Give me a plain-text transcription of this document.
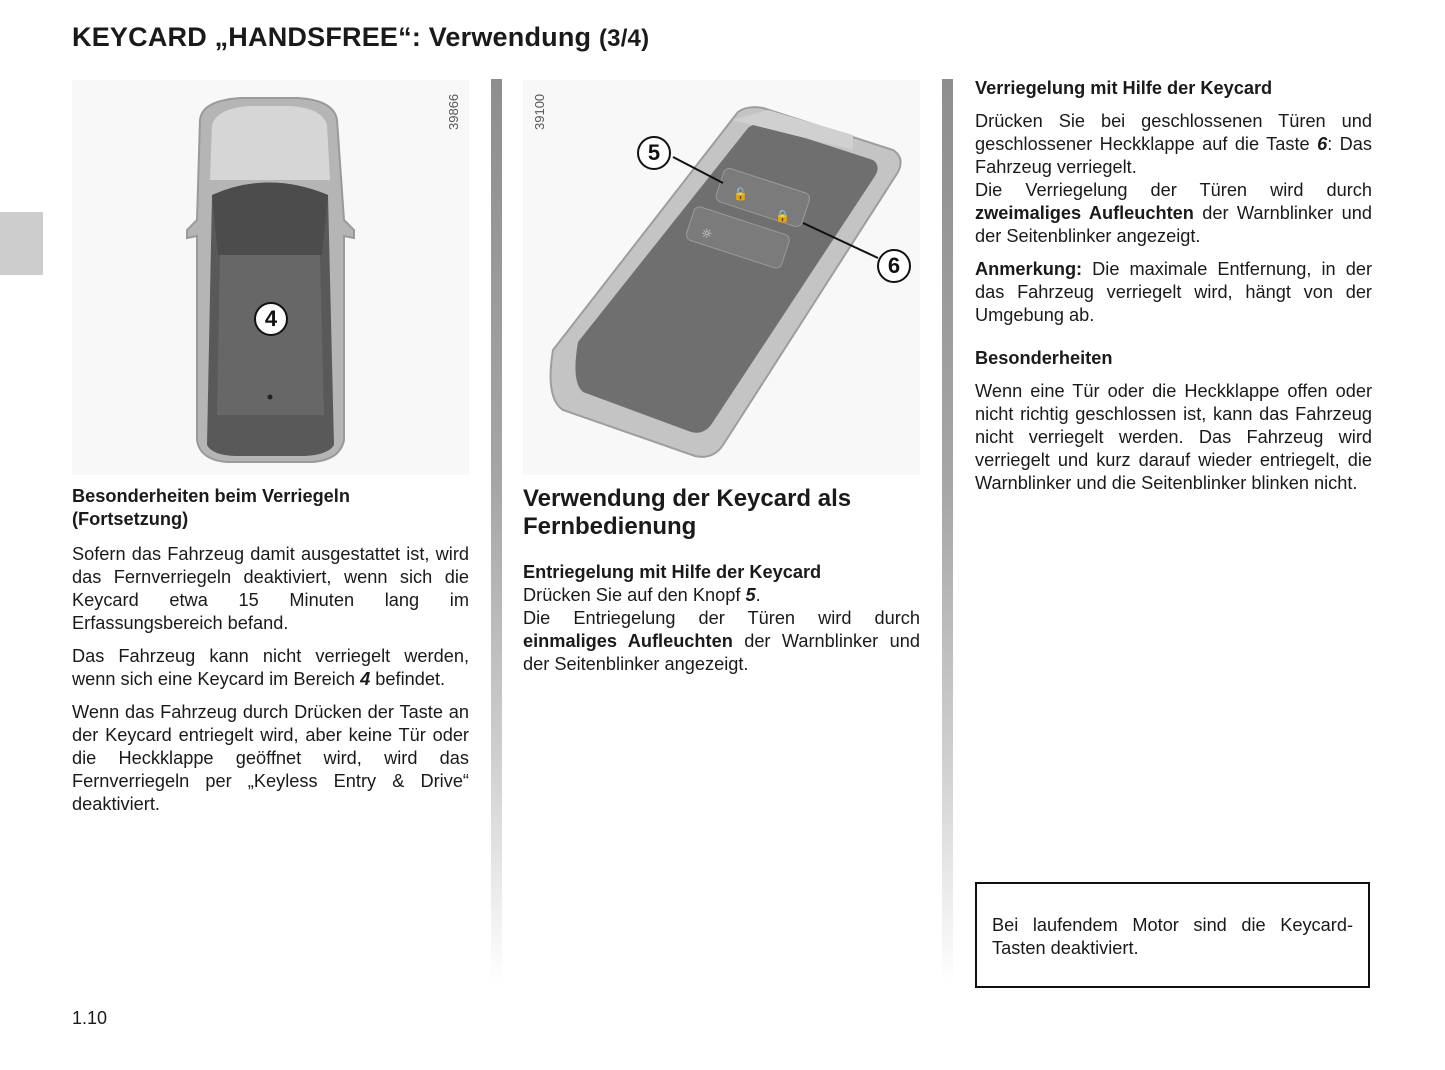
KEYCARD „HANDSFREE“: Verwendung (3/4)
4
39866
🔓
🔒
☼
5
6
39100
Besonderheiten beim Verriegeln (Fortsetzung)

Sofern das Fahrzeug damit ausgestattet ist, wird das Fernverriegeln deaktiviert, wenn sich die Keycard etwa 15 Minuten lang im Erfassungsbereich befand.

Das Fahrzeug kann nicht verriegelt werden, wenn sich eine Keycard im Bereich 4 befindet.

Wenn das Fahrzeug durch Drücken der Taste an der Keycard entriegelt wird, aber keine Tür oder die Heckklappe geöffnet wird, wird das Fernverriegeln per „Keyless Entry & Drive“ deaktiviert.

Verwendung der Keycard als Fernbedienung
Entriegelung mit Hilfe der Keycard
Drücken Sie auf den Knopf 5.
Die Entriegelung der Türen wird durch einmaliges Aufleuchten der Warnblinker und der Seitenblinker angezeigt.
Verriegelung mit Hilfe der Keycard

Drücken Sie bei geschlossenen Türen und geschlossener Heckklappe auf die Taste 6: Das Fahrzeug verriegelt.

Die Verriegelung der Türen wird durch zweimaliges Aufleuchten der Warnblinker und der Seitenblinker angezeigt.

Anmerkung: Die maximale Entfernung, in der das Fahrzeug verriegelt wird, hängt von der Umgebung ab.

Besonderheiten

Wenn eine Tür oder die Heckklappe offen oder nicht richtig geschlossen ist, kann das Fahrzeug nicht verriegelt werden. Das Fahrzeug wird verriegelt und kurz darauf wieder entriegelt, die Warnblinker und die Seitenblinker blinken nicht.

Bei laufendem Motor sind die Keycard-Tasten deaktiviert.

1.10
